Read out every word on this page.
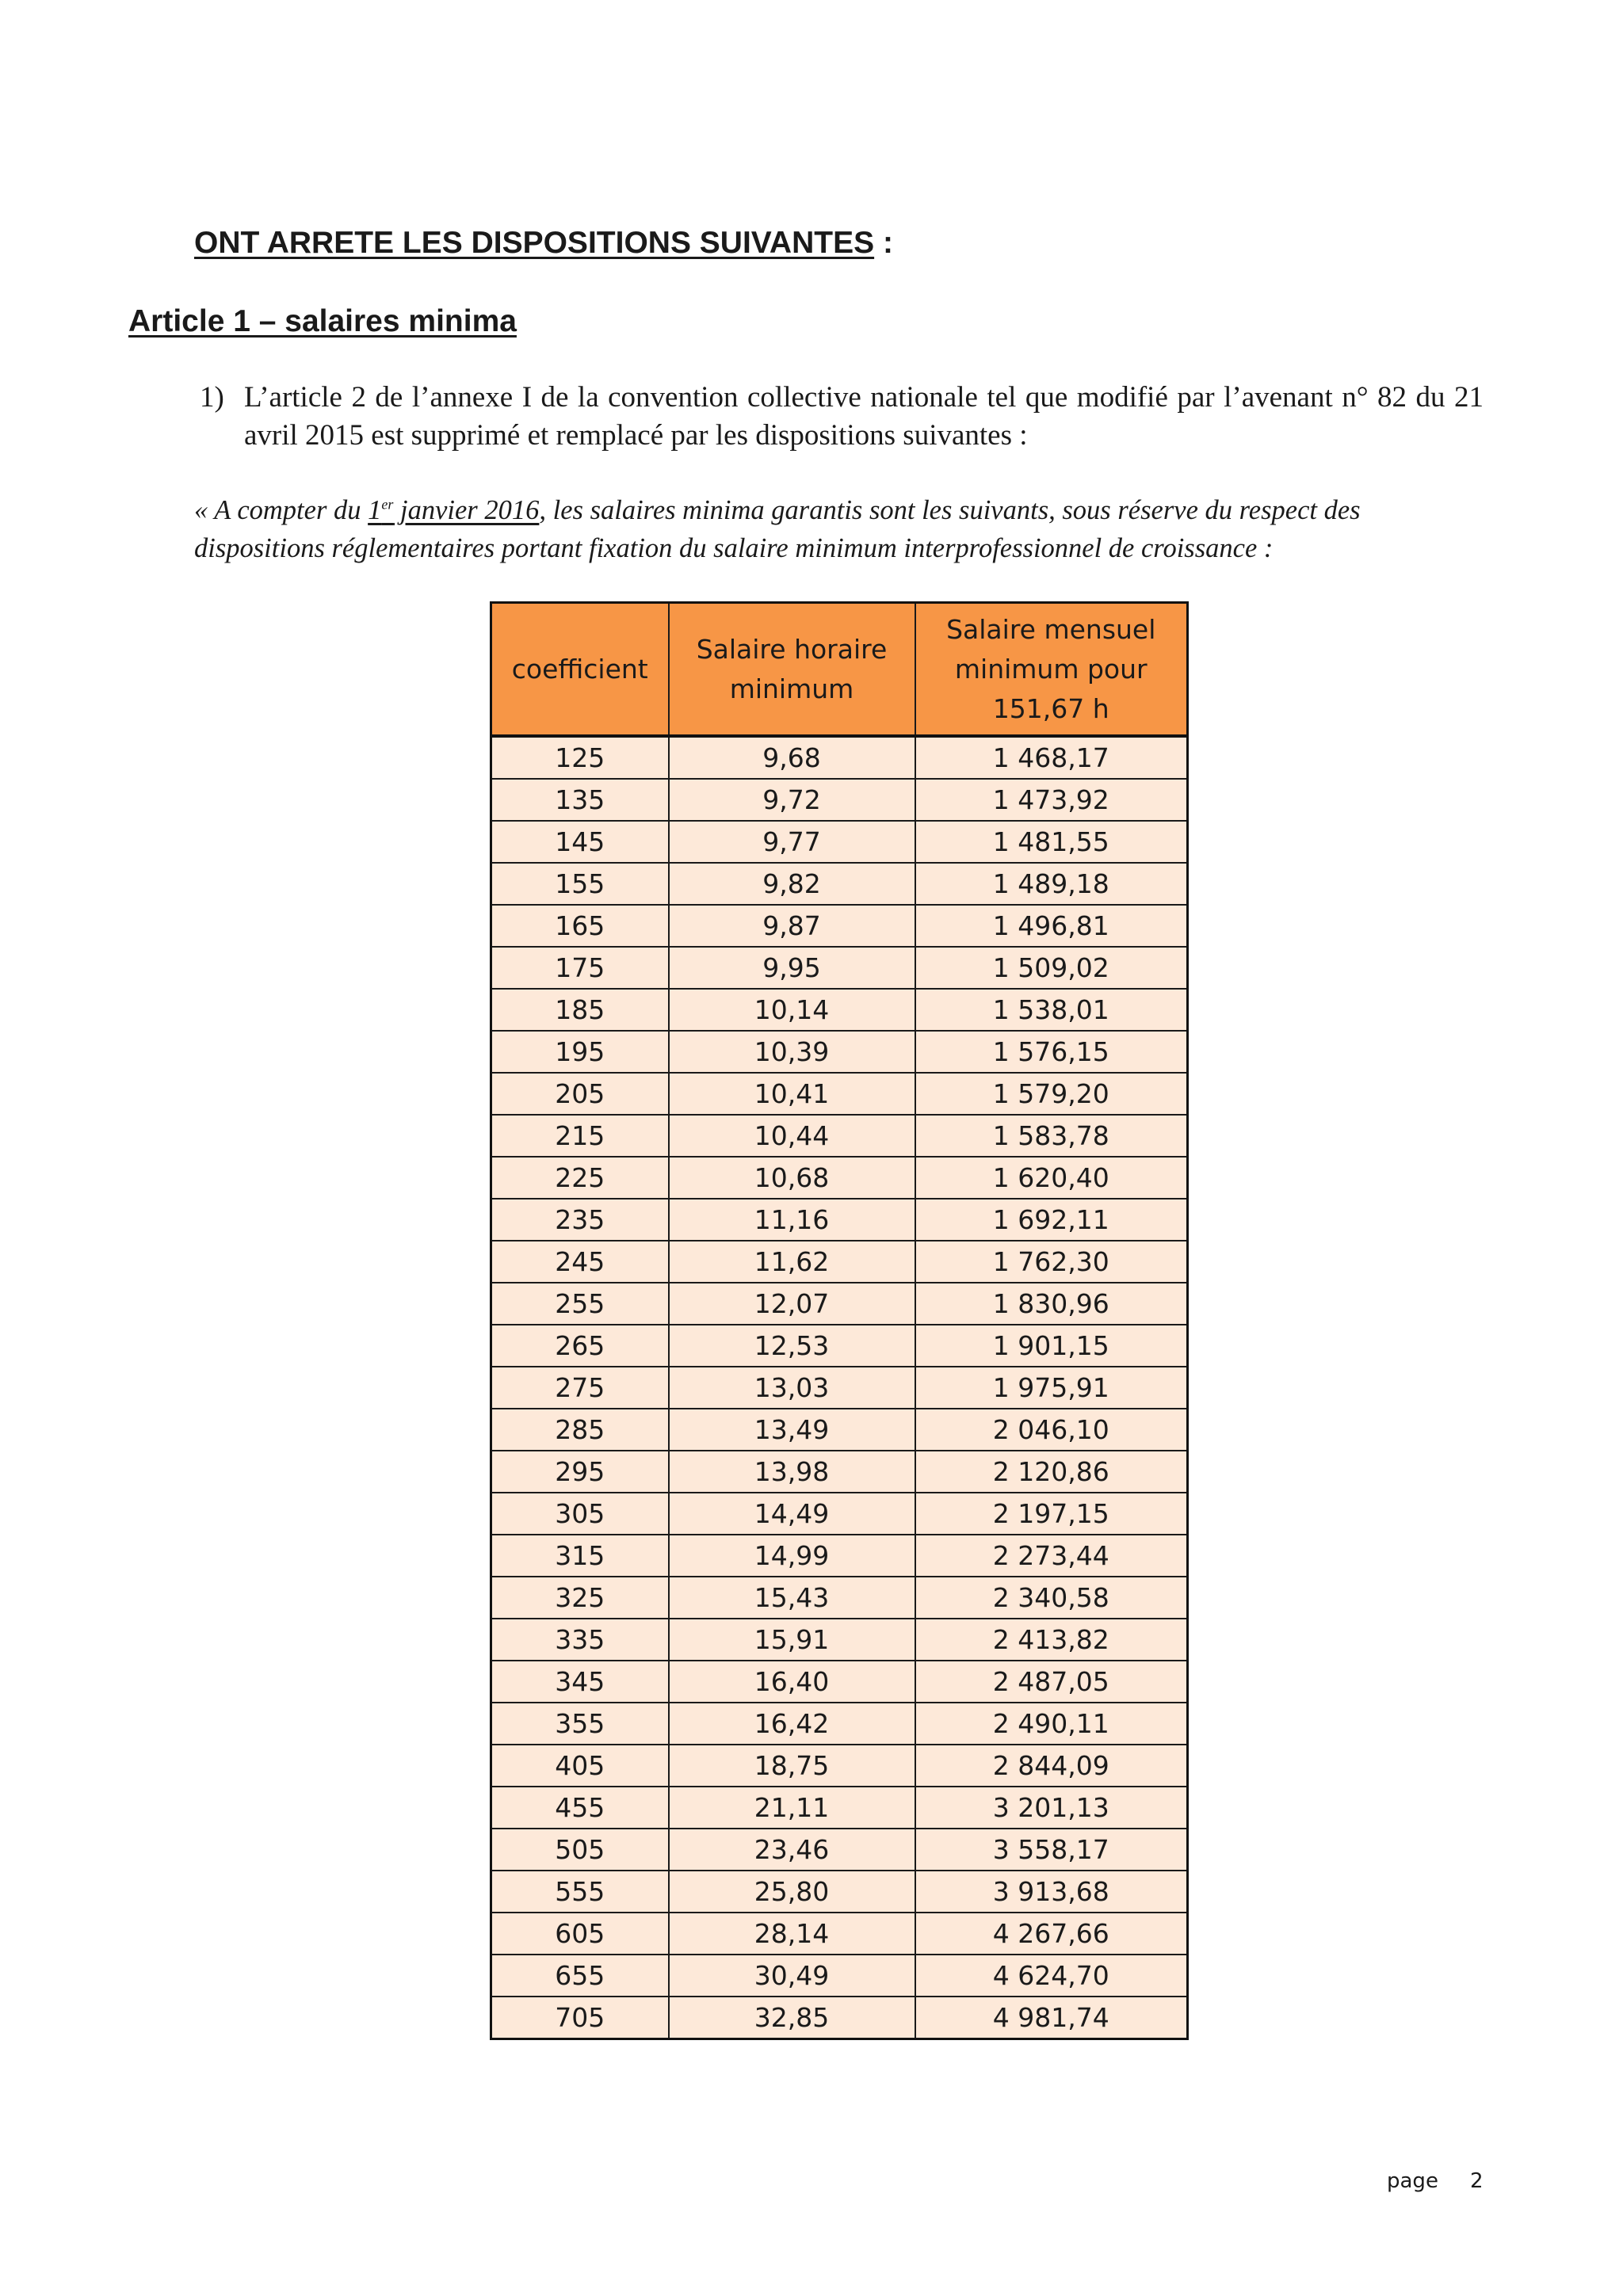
ONT ARRETE LES DISPOSITIONS SUIVANTES :
Article 1 – salaires minima
1) L’article 2 de l’annexe I de la convention collective nationale tel que modifié par l’avenant n° 82 du 21 avril 2015 est supprimé et remplacé par les dispositions suivantes :
« A compter du 1er janvier 2016, les salaires minima garantis sont les suivants, sous réserve du respect des dispositions réglementaires portant fixation du salaire minimum interprofessionnel de croissance :
coefficient	Salaire horaire minimum	Salaire mensuel minimum pour 151,67 h
125	9,68	1 468,17
135	9,72	1 473,92
145	9,77	1 481,55
155	9,82	1 489,18
165	9,87	1 496,81
175	9,95	1 509,02
185	10,14	1 538,01
195	10,39	1 576,15
205	10,41	1 579,20
215	10,44	1 583,78
225	10,68	1 620,40
235	11,16	1 692,11
245	11,62	1 762,30
255	12,07	1 830,96
265	12,53	1 901,15
275	13,03	1 975,91
285	13,49	2 046,10
295	13,98	2 120,86
305	14,49	2 197,15
315	14,99	2 273,44
325	15,43	2 340,58
335	15,91	2 413,82
345	16,40	2 487,05
355	16,42	2 490,11
405	18,75	2 844,09
455	21,11	3 201,13
505	23,46	3 558,17
555	25,80	3 913,68
605	28,14	4 267,66
655	30,49	4 624,70
705	32,85	4 981,74
page 2
